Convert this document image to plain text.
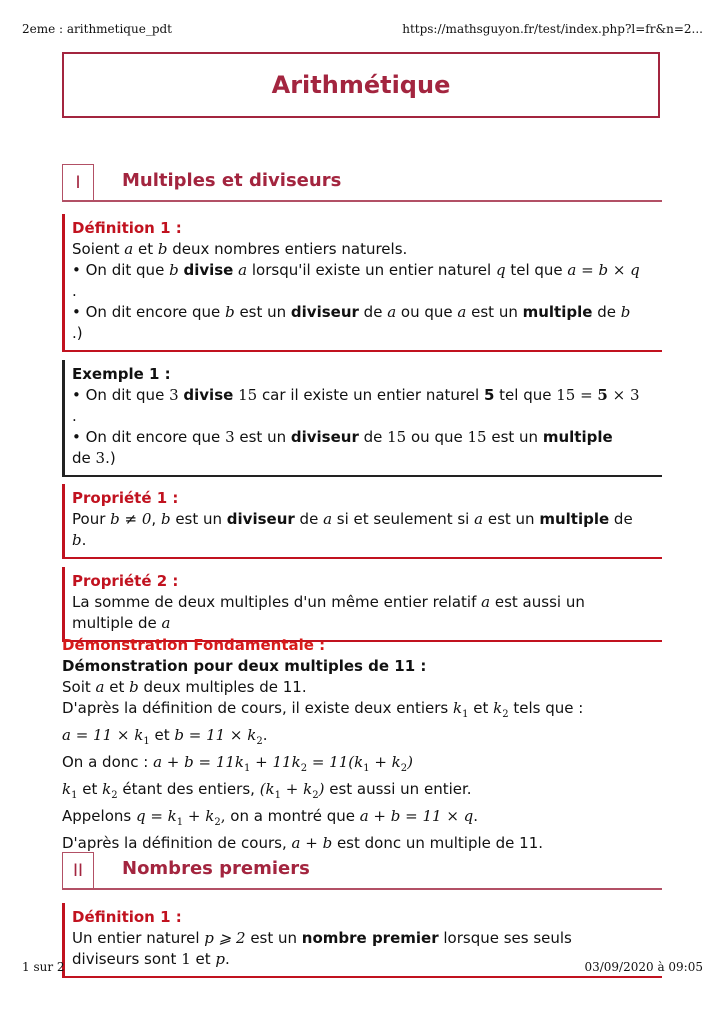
2eme : arithmetique_pdt	https://mathsguyon.fr/test/index.php?l=fr&n=2...
Arithmétique
I	Multiples et diviseurs
Définition 1 :
Soient a et b deux nombres entiers naturels.
• On dit que b divise a lorsqu'il existe un entier naturel q tel que a = b × q
.
• On dit encore que b est un diviseur de a ou que a est un multiple de b
.)
Exemple 1 :
• On dit que 3 divise 15 car il existe un entier naturel 5 tel que 15 = 5 × 3
.
• On dit encore que 3 est un diviseur de 15 ou que 15 est un multiple
de 3.)
Propriété 1 :
Pour b ≠ 0, b est un diviseur de a si et seulement si a est un multiple de
b.
Propriété 2 :
La somme de deux multiples d'un même entier relatif a est aussi un
multiple de a
Démonstration Fondamentale :
Démonstration pour deux multiples de 11 :
Soit a et b deux multiples de 11.
D'après la définition de cours, il existe deux entiers $k_1$ et $k_2$ tels que :
$a = 11 \times k_1$ et $b = 11 \times k_2$.
On a donc : $a + b = 11k_1 + 11k_2 = 11(k_1 + k_2)$
$k_1$ et $k_2$ étant des entiers, $(k_1 + k_2)$ est aussi un entier.
Appelons $q = k_1 + k_2$, on a montré que a + b = 11 × q.
D'après la définition de cours, a + b est donc un multiple de 11.
II	Nombres premiers
Définition 1 :
Un entier naturel p ⩾ 2 est un nombre premier lorsque ses seuls
diviseurs sont 1 et p.
1 sur 2	03/09/2020 à 09:05
